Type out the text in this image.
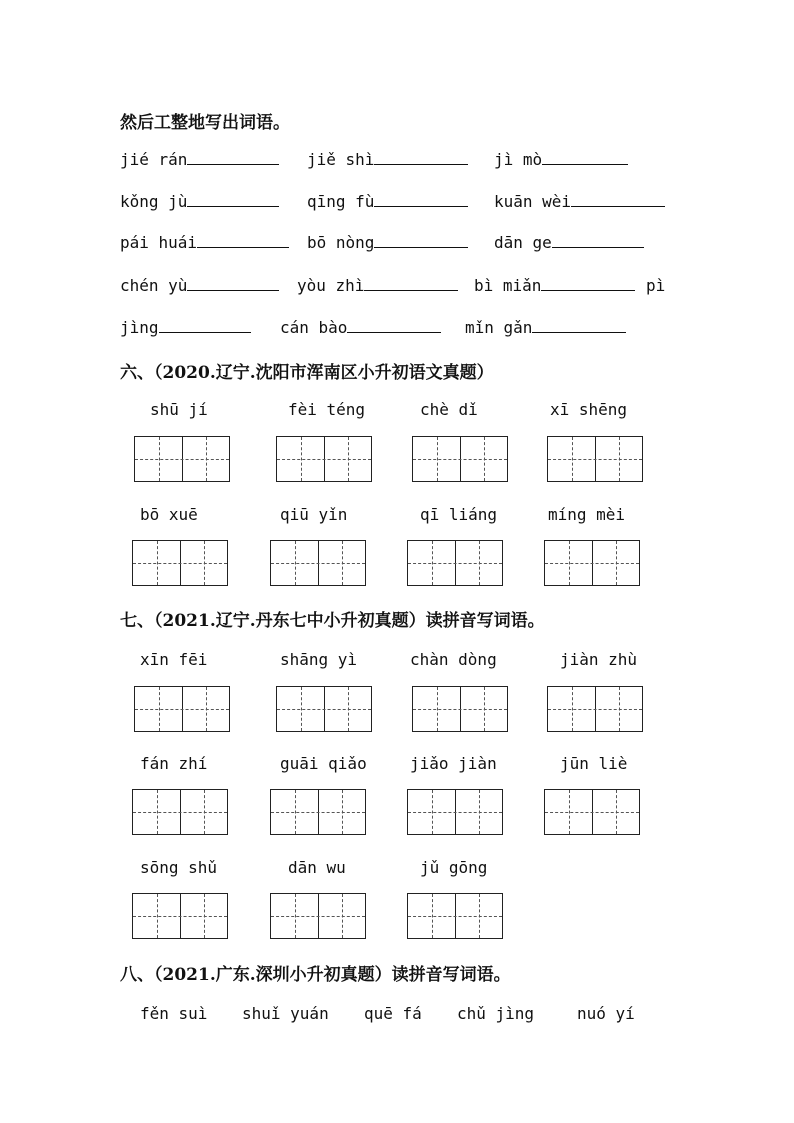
然后工整地写出词语。
jié rán	jiě shì	jì mò
kǒng jù	qīng fù	kuān wèi
pái huái	bō nòng	dān ge
chén yù	yòu zhì	bì miǎn	pì
jìng	cán bào	mǐn gǎn
六、（2020.辽宁.沈阳市浑南区小升初语文真题）
shū jí	fèi téng	chè dǐ	xī shēng
bō xuē	qiū yǐn	qī liáng	míng mèi
七、（2021.辽宁.丹东七中小升初真题）读拼音写词语。
xīn fēi	shāng yì	chàn dòng	jiàn zhù
fán zhí	guāi qiǎo	jiǎo jiàn	jūn liè
sōng shǔ	dān wu	jǔ gōng
八、（2021.广东.深圳小升初真题）读拼音写词语。
fěn suì shuǐ yuán quē fá chǔ jìng	nuó yí
